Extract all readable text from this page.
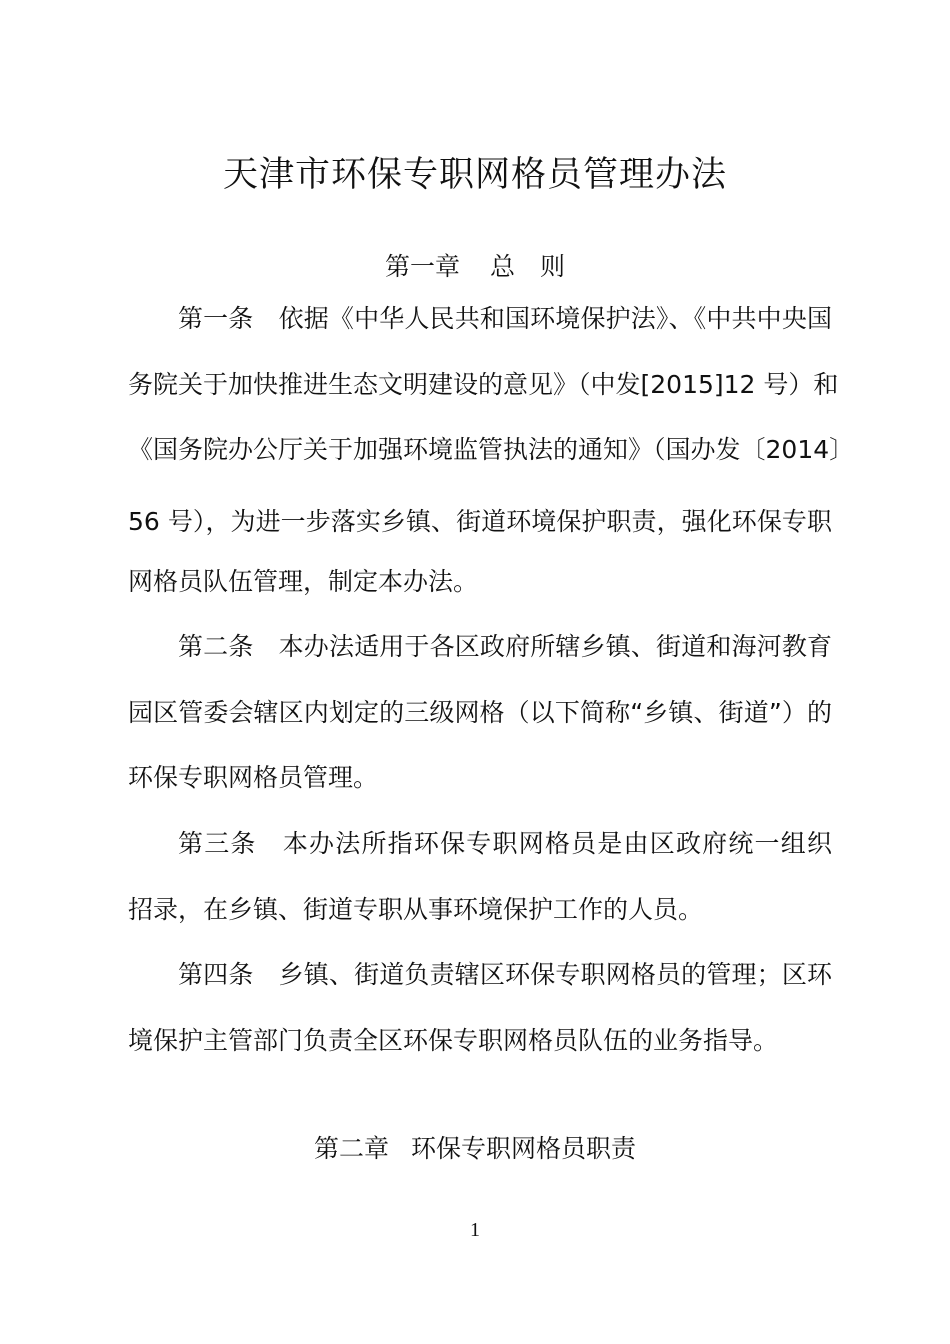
天津市环保专职网格员管理办法
第一章 总　则
第一条 依据《中华人民共和国环境保护法》、《中共中央国
务院关于加快推进生态文明建设的意见》（中发[2015]12 号）和
《国务院办公厅关于加强环境监管执法的通知》（国办发〔2014〕
56 号），为进一步落实乡镇、街道环境保护职责，强化环保专职
网格员队伍管理，制定本办法。
第二条 本办法适用于各区政府所辖乡镇、街道和海河教育
园区管委会辖区内划定的三级网格（以下简称“乡镇、街道”）的
环保专职网格员管理。
第三条 本办法所指环保专职网格员是由区政府统一组织
招录，在乡镇、街道专职从事环境保护工作的人员。
第四条 乡镇、街道负责辖区环保专职网格员的管理；区环
境保护主管部门负责全区环保专职网格员队伍的业务指导。
第二章 环保专职网格员职责
1
